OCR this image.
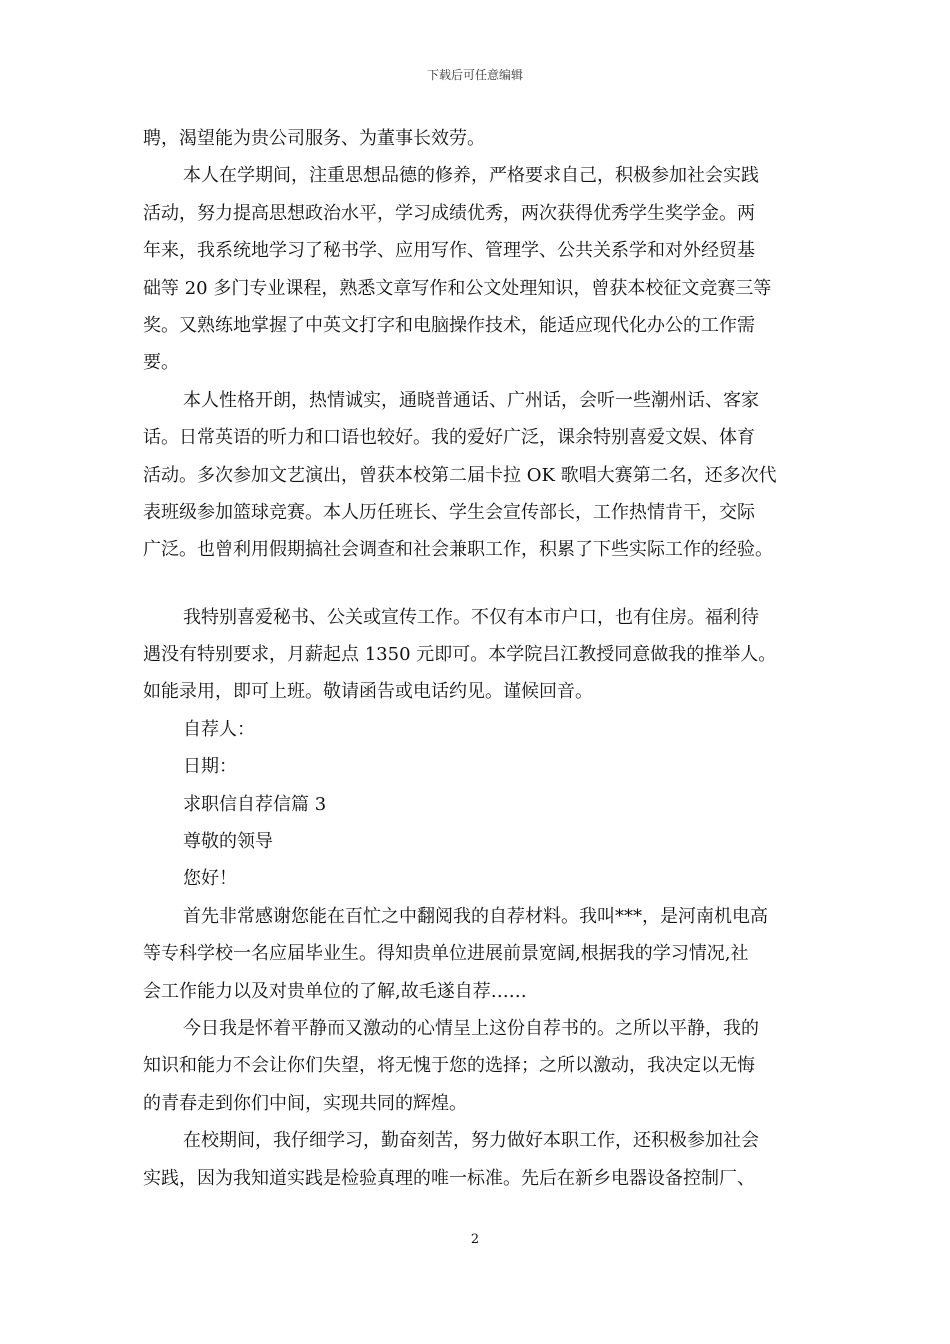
下载后可任意编辑
聘，渴望能为贵公司服务、为董事长效劳。
本人在学期间，注重思想品德的修养，严格要求自己，积极参加社会实践
活动，努力提高思想政治水平，学习成绩优秀，两次获得优秀学生奖学金。两
年来，我系统地学习了秘书学、应用写作、管理学、公共关系学和对外经贸基
础等 20 多门专业课程，熟悉文章写作和公文处理知识，曾获本校征文竞赛三等
奖。又熟练地掌握了中英文打字和电脑操作技术，能适应现代化办公的工作需
要。
本人性格开朗，热情诚实，通晓普通话、广州话，会听一些潮州话、客家
话。日常英语的听力和口语也较好。我的爱好广泛，课余特别喜爱文娱、体育
活动。多次参加文艺演出，曾获本校第二届卡拉 OK 歌唱大赛第二名，还多次代
表班级参加篮球竞赛。本人历任班长、学生会宣传部长，工作热情肯干，交际
广泛。也曾利用假期搞社会调查和社会兼职工作，积累了下些实际工作的经验。
我特别喜爱秘书、公关或宣传工作。不仅有本市户口，也有住房。福利待
遇没有特别要求，月薪起点 1350 元即可。本学院吕江教授同意做我的推举人。
如能录用，即可上班。敬请函告或电话约见。谨候回音。
自荐人：
日期：
求职信自荐信篇 3
尊敬的领导
您好！
首先非常感谢您能在百忙之中翻阅我的自荐材料。我叫***，是河南机电高
等专科学校一名应届毕业生。得知贵单位进展前景宽阔,根据我的学习情况,社
会工作能力以及对贵单位的了解,故毛遂自荐……
今日我是怀着平静而又激动的心情呈上这份自荐书的。之所以平静，我的
知识和能力不会让你们失望，将无愧于您的选择；之所以激动，我决定以无悔
的青春走到你们中间，实现共同的辉煌。
在校期间，我仔细学习，勤奋刻苦，努力做好本职工作，还积极参加社会
实践，因为我知道实践是检验真理的唯一标准。先后在新乡电器设备控制厂、
2
